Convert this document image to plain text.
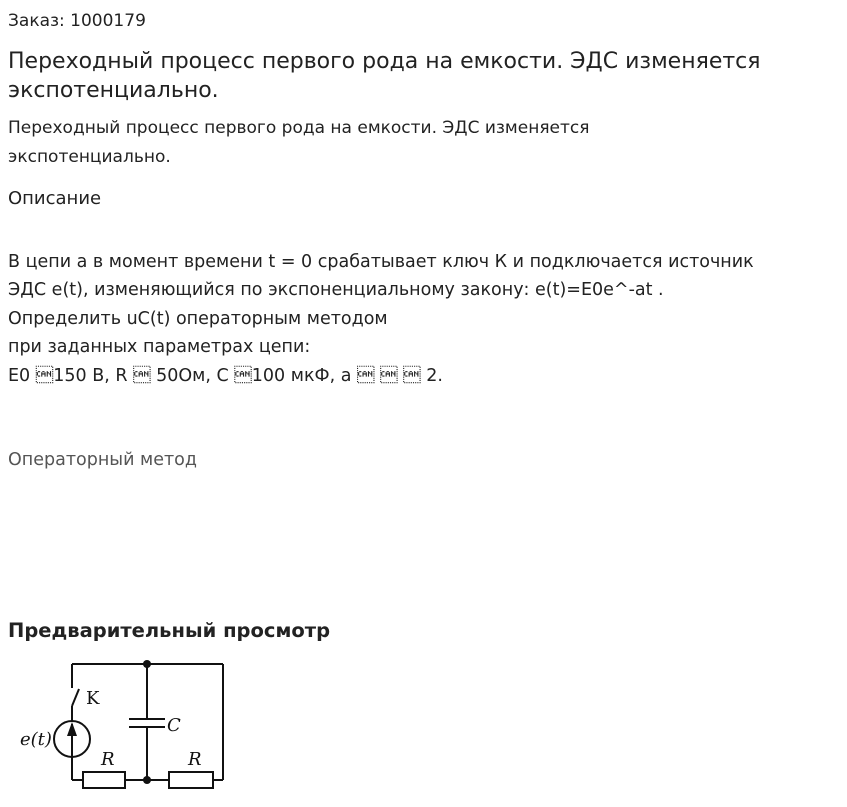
Заказ: 1000179
Переходный процесс первого рода на емкости. ЭДС изменяется экспотенциально.
Переходный процесс первого рода на емкости. ЭДС изменяется экспотенциально.
Описание
В цепи а в момент времени t = 0 срабатывает ключ К и подключается источник
ЭДС e(t), изменяющийся по экспоненциальному закону: e(t)=E0e^-at .
Определить uC(t) операторным методом
при заданных параметрах цепи:
E0 150 В, R  50Ом, C 100 мкФ, a    2.
Операторный метод
Предварительный просмотр
K
C
e(t)
R	R
